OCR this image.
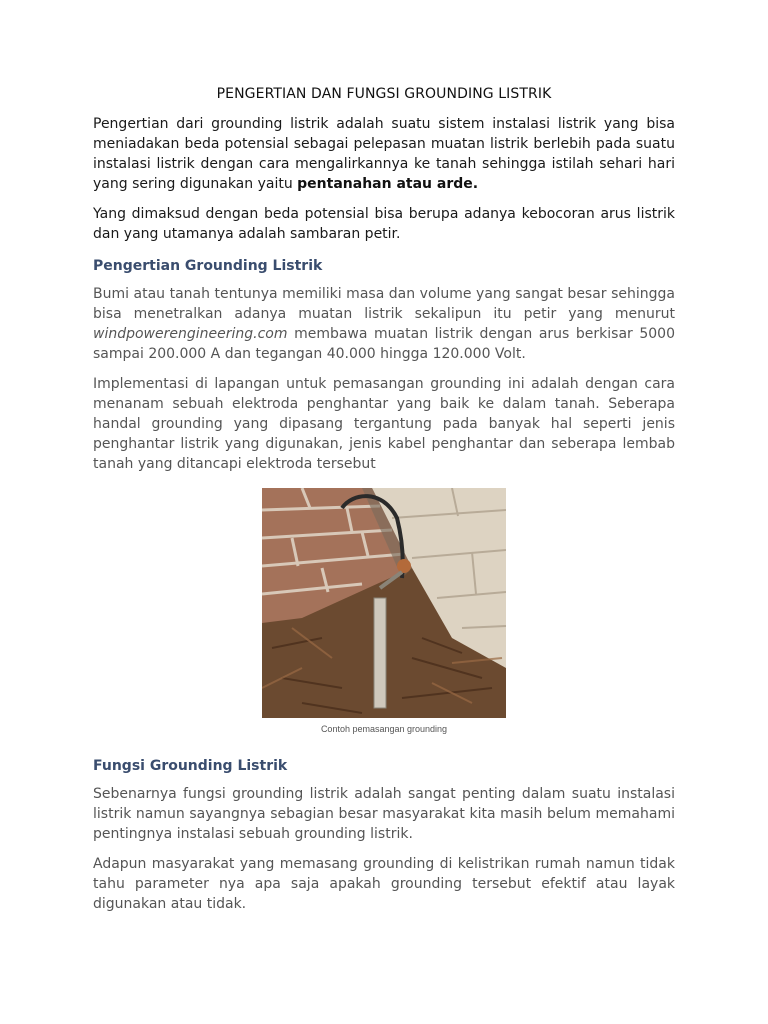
PENGERTIAN DAN FUNGSI GROUNDING LISTRIK

Pengertian dari grounding listrik adalah suatu sistem instalasi listrik yang bisa meniadakan beda potensial sebagai pelepasan muatan listrik berlebih pada suatu instalasi listrik dengan cara mengalirkannya ke tanah sehingga istilah sehari hari yang sering digunakan yaitu pentanahan atau arde.

Yang dimaksud dengan beda potensial bisa berupa adanya kebocoran arus listrik dan yang utamanya adalah sambaran petir.

Pengertian Grounding Listrik

Bumi atau tanah tentunya memiliki masa dan volume yang sangat besar sehingga bisa menetralkan adanya muatan listrik sekalipun itu petir yang menurut windpowerengineering.com membawa muatan listrik dengan arus berkisar 5000 sampai 200.000 A dan tegangan 40.000 hingga 120.000 Volt.

Implementasi di lapangan untuk pemasangan grounding ini adalah dengan cara menanam sebuah elektroda penghantar yang baik ke dalam tanah. Seberapa handal grounding yang dipasang tergantung pada banyak hal seperti jenis penghantar listrik yang digunakan, jenis kabel penghantar dan seberapa lembab tanah yang ditancapi elektroda tersebut

Contoh pemasangan grounding
Fungsi Grounding Listrik

Sebenarnya fungsi grounding listrik adalah sangat penting dalam suatu instalasi listrik namun sayangnya sebagian besar masyarakat kita masih belum memahami pentingnya instalasi sebuah grounding listrik.

Adapun masyarakat yang memasang grounding di kelistrikan rumah namun tidak tahu parameter nya apa saja apakah grounding tersebut efektif atau layak digunakan atau tidak.
